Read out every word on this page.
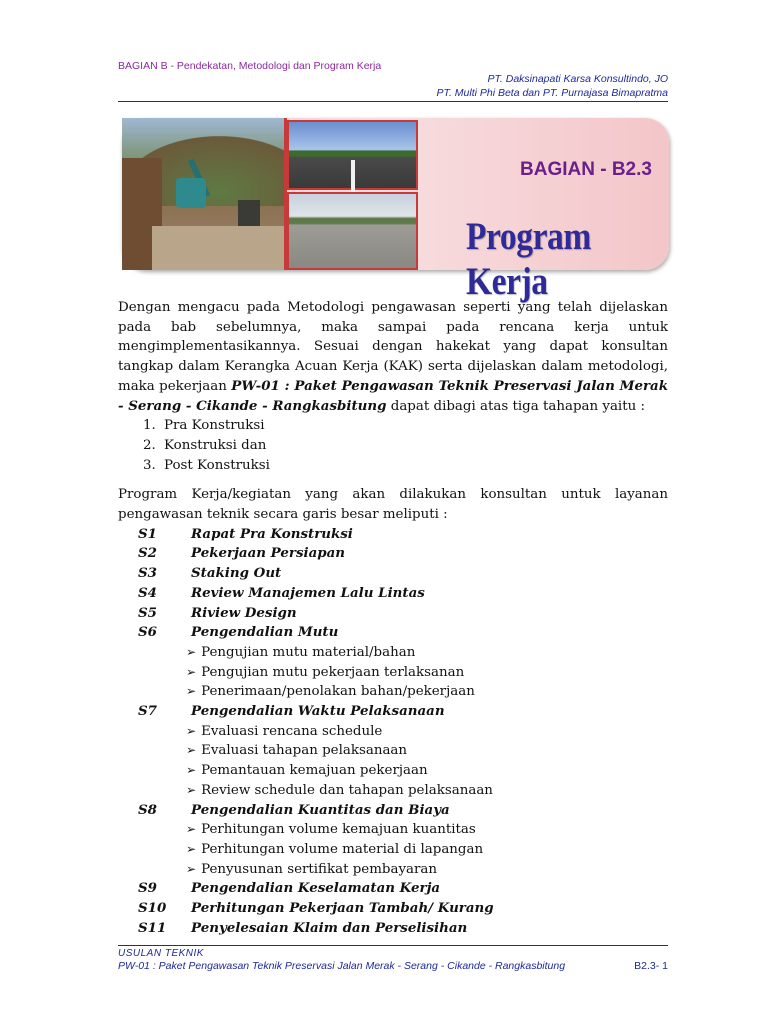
BAGIAN B - Pendekatan, Metodologi dan Program Kerja
PT. Daksinapati Karsa Konsultindo, JO
PT. Multi Phi Beta dan PT. Purnajasa Bimapratma
BAGIAN - B2.3
Program Kerja

Dengan mengacu pada Metodologi pengawasan seperti yang telah dijelaskan pada bab sebelumnya, maka sampai pada rencana kerja untuk mengimplementasikannya. Sesuai dengan hakekat yang dapat konsultan tangkap dalam Kerangka Acuan Kerja (KAK) serta dijelaskan dalam metodologi, maka pekerjaan PW-01 : Paket Pengawasan Teknik Preservasi Jalan Merak - Serang - Cikande - Rangkasbitung dapat dibagi atas tiga tahapan yaitu :

1. Pra Konstruksi
2. Konstruksi dan
3. Post Konstruksi

Program Kerja/kegiatan yang akan dilakukan konsultan untuk layanan pengawasan teknik secara garis besar meliputi :

S1	Rapat Pra Konstruksi
S2	Pekerjaan Persiapan
S3	Staking Out
S4	Review Manajemen Lalu Lintas
S5	Riview Design
S6	Pengendalian Mutu
➢ Pengujian mutu material/bahan
➢ Pengujian mutu pekerjaan terlaksanan
➢ Penerimaan/penolakan bahan/pekerjaan
S7	Pengendalian Waktu Pelaksanaan
➢ Evaluasi rencana schedule
➢ Evaluasi tahapan pelaksanaan
➢ Pemantauan kemajuan pekerjaan
➢ Review schedule dan tahapan pelaksanaan
S8	Pengendalian Kuantitas dan Biaya
➢ Perhitungan volume kemajuan kuantitas
➢ Perhitungan volume material di lapangan
➢ Penyusunan sertifikat pembayaran
S9	Pengendalian Keselamatan Kerja
S10	Perhitungan Pekerjaan Tambah/ Kurang
S11	Penyelesaian Klaim dan Perselisihan
USULAN TEKNIK
PW-01 : Paket Pengawasan Teknik Preservasi Jalan Merak - Serang - Cikande - Rangkasbitung	B2.3- 1
